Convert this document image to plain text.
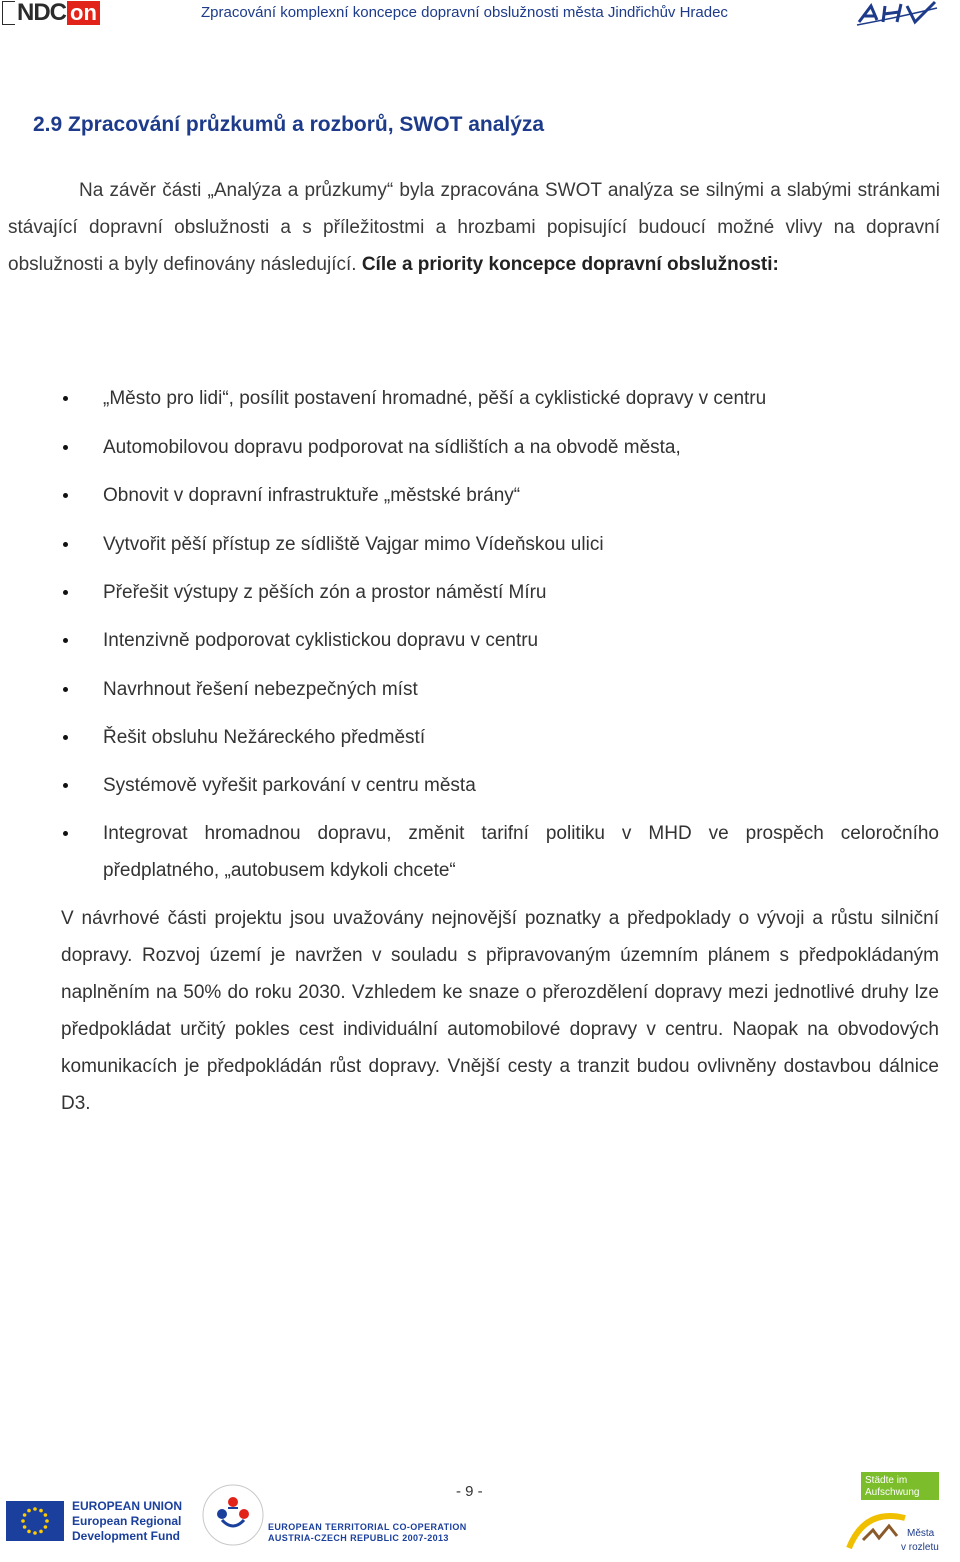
NDC on	Zpracování komplexní koncepce dopravní obslužnosti města Jindřichův Hradec
2.9 Zpracování průzkumů a rozborů, SWOT analýza
Na závěr části „Analýza a průzkumy“ byla zpracována SWOT analýza se silnými a slabými stránkami stávající dopravní obslužnosti a s příležitostmi a hrozbami popisující budoucí možné vlivy na dopravní obslužnosti a byly definovány následující. Cíle a priority koncepce dopravní obslužnosti:
„Město pro lidi“, posílit postavení hromadné, pěší a cyklistické dopravy v centru
Automobilovou dopravu podporovat na sídlištích a na obvodě města,
Obnovit v dopravní infrastruktuře „městské brány“
Vytvořit pěší přístup ze sídliště Vajgar mimo Vídeňskou ulici
Přeřešit výstupy z pěších zón a prostor náměstí Míru
Intenzivně podporovat cyklistickou dopravu v centru
Navrhnout řešení nebezpečných míst
Řešit obsluhu Nežáreckého předměstí
Systémově vyřešit parkování v centru města
Integrovat hromadnou dopravu, změnit tarifní politiku v MHD ve prospěch celoročního předplatného, „autobusem kdykoli chcete“
V návrhové části projektu jsou uvažovány nejnovější poznatky a předpoklady o vývoji a růstu silniční dopravy. Rozvoj území je navržen v souladu s připravovaným územním plánem s předpokládaným naplněním na 50% do roku 2030. Vzhledem ke snaze o přerozdělení dopravy mezi jednotlivé druhy lze předpokládat určitý pokles cest individuální automobilové dopravy v centru. Naopak na obvodových komunikacích je předpokládán růst dopravy. Vnější cesty a tranzit budou ovlivněny dostavbou dálnice D3.
- 9 -
EUROPEAN UNION
European Regional
Development Fund
EUROPEAN TERRITORIAL CO-OPERATION
AUSTRIA-CZECH REPUBLIC 2007-2013
Städte im
Aufschwung
Města
v rozletu
